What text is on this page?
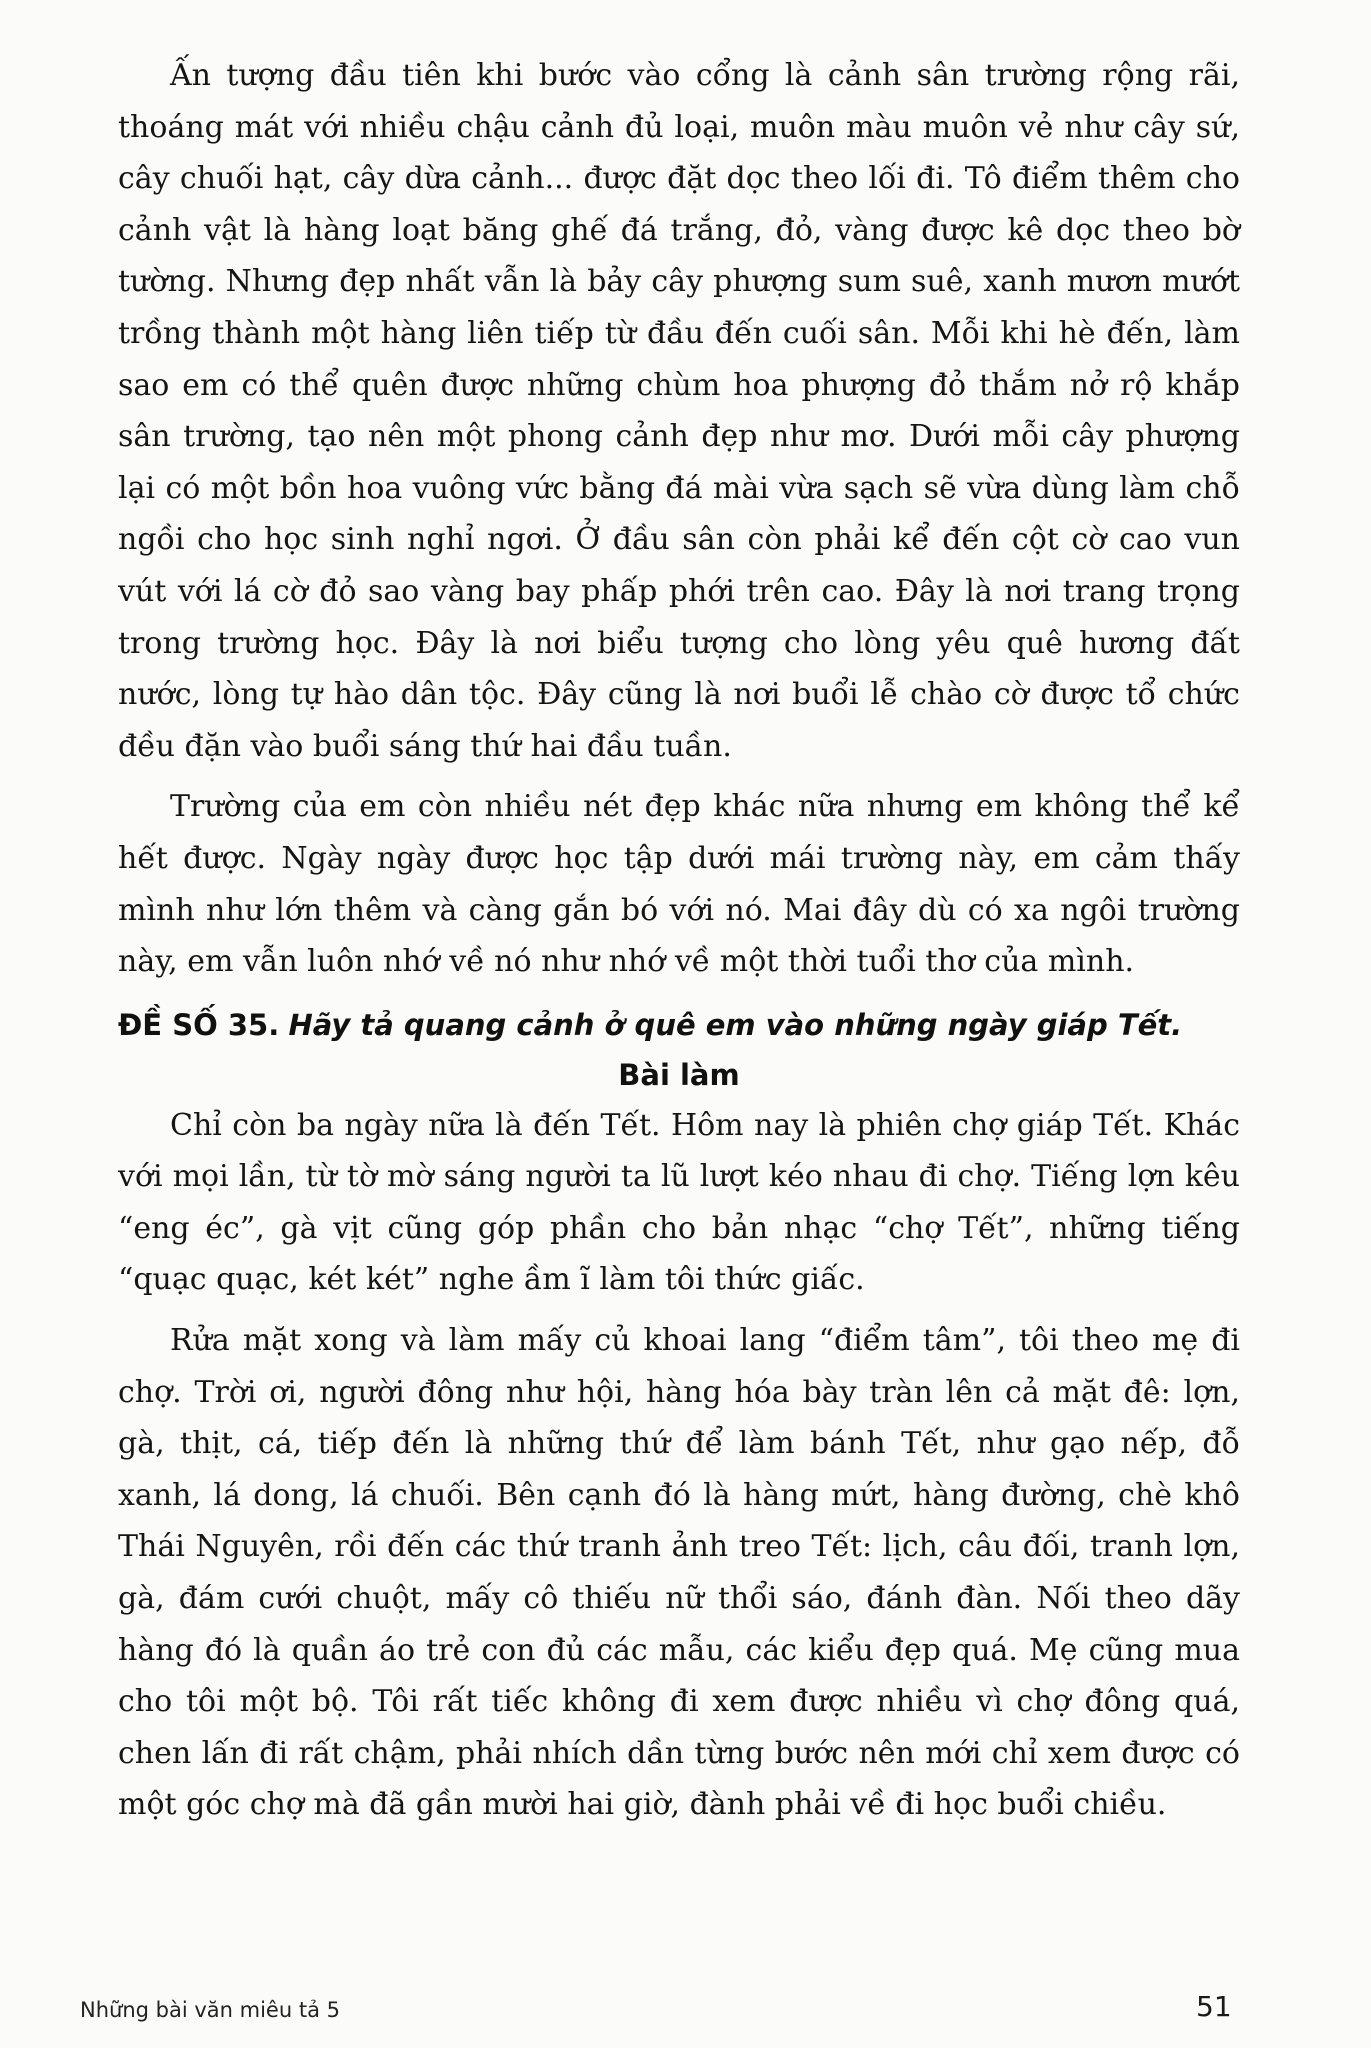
Ấn tượng đầu tiên khi bước vào cổng là cảnh sân trường rộng rãi, thoáng mát với nhiều chậu cảnh đủ loại, muôn màu muôn vẻ như cây sứ, cây chuối hạt, cây dừa cảnh... được đặt dọc theo lối đi. Tô điểm thêm cho cảnh vật là hàng loạt băng ghế đá trắng, đỏ, vàng được kê dọc theo bờ tường. Nhưng đẹp nhất vẫn là bảy cây phượng sum suê, xanh mươn mướt trồng thành một hàng liên tiếp từ đầu đến cuối sân. Mỗi khi hè đến, làm sao em có thể quên được những chùm hoa phượng đỏ thắm nở rộ khắp sân trường, tạo nên một phong cảnh đẹp như mơ. Dưới mỗi cây phượng lại có một bồn hoa vuông vức bằng đá mài vừa sạch sẽ vừa dùng làm chỗ ngồi cho học sinh nghỉ ngơi. Ở đầu sân còn phải kể đến cột cờ cao vun vút với lá cờ đỏ sao vàng bay phấp phới trên cao. Đây là nơi trang trọng trong trường học. Đây là nơi biểu tượng cho lòng yêu quê hương đất nước, lòng tự hào dân tộc. Đây cũng là nơi buổi lễ chào cờ được tổ chức đều đặn vào buổi sáng thứ hai đầu tuần.

Trường của em còn nhiều nét đẹp khác nữa nhưng em không thể kể hết được. Ngày ngày được học tập dưới mái trường này, em cảm thấy mình như lớn thêm và càng gắn bó với nó. Mai đây dù có xa ngôi trường này, em vẫn luôn nhớ về nó như nhớ về một thời tuổi thơ của mình.

ĐỀ SỐ 35. Hãy tả quang cảnh ở quê em vào những ngày giáp Tết.
Bài làm

Chỉ còn ba ngày nữa là đến Tết. Hôm nay là phiên chợ giáp Tết. Khác với mọi lần, từ tờ mờ sáng người ta lũ lượt kéo nhau đi chợ. Tiếng lợn kêu “eng éc”, gà vịt cũng góp phần cho bản nhạc “chợ Tết”, những tiếng “quạc quạc, két két” nghe ầm ĩ làm tôi thức giấc.

Rửa mặt xong và làm mấy củ khoai lang “điểm tâm”, tôi theo mẹ đi chợ. Trời ơi, người đông như hội, hàng hóa bày tràn lên cả mặt đê: lợn, gà, thịt, cá, tiếp đến là những thứ để làm bánh Tết, như gạo nếp, đỗ xanh, lá dong, lá chuối. Bên cạnh đó là hàng mứt, hàng đường, chè khô Thái Nguyên, rồi đến các thứ tranh ảnh treo Tết: lịch, câu đối, tranh lợn, gà, đám cưới chuột, mấy cô thiếu nữ thổi sáo, đánh đàn. Nối theo dãy hàng đó là quần áo trẻ con đủ các mẫu, các kiểu đẹp quá. Mẹ cũng mua cho tôi một bộ. Tôi rất tiếc không đi xem được nhiều vì chợ đông quá, chen lấn đi rất chậm, phải nhích dần từng bước nên mới chỉ xem được có một góc chợ mà đã gần mười hai giờ, đành phải về đi học buổi chiều.

Những bài văn miêu tả 5	51
